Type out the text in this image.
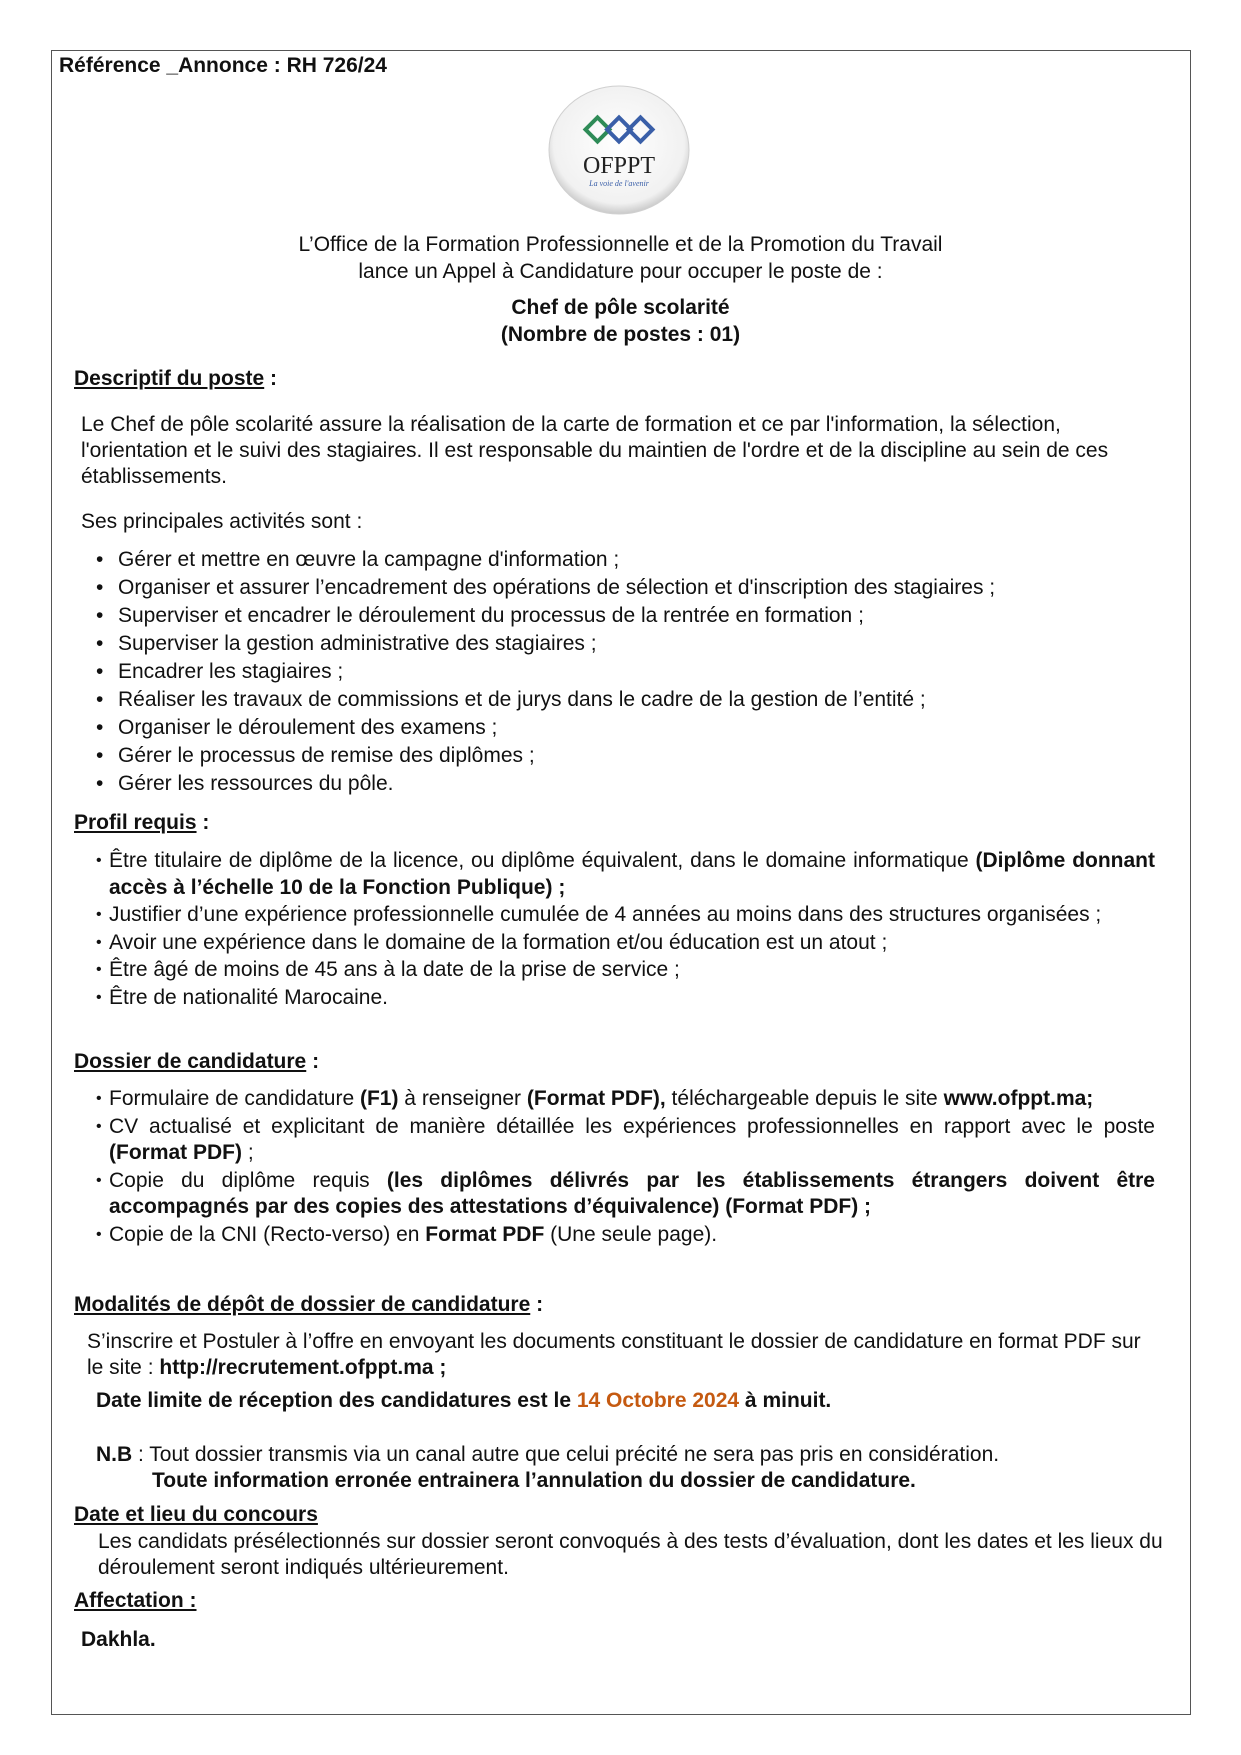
Référence _Annonce : RH 726/24
OFPPT
La voie de l'avenir
L’Office de la Formation Professionnelle et de la Promotion du Travail
lance un Appel à Candidature pour occuper le poste de :
Chef de pôle scolarité
(Nombre de postes : 01)
Descriptif du poste :
Le Chef de pôle scolarité assure la réalisation de la carte de formation et ce par l'information, la sélection, l'orientation et le suivi des stagiaires. Il est responsable du maintien de l'ordre et de la discipline au sein de ces établissements.
Ses principales activités sont :
• Gérer et mettre en œuvre la campagne d'information ;
• Organiser et assurer l’encadrement des opérations de sélection et d'inscription des stagiaires ;
• Superviser et encadrer le déroulement du processus de la rentrée en formation ;
• Superviser la gestion administrative des stagiaires ;
• Encadrer les stagiaires ;
• Réaliser les travaux de commissions et de jurys dans le cadre de la gestion de l’entité ;
• Organiser le déroulement des examens ;
• Gérer le processus de remise des diplômes ;
• Gérer les ressources du pôle.
Profil requis :
• Être titulaire de diplôme de la licence, ou diplôme équivalent, dans le domaine informatique (Diplôme donnant accès à l’échelle 10 de la Fonction Publique) ;
• Justifier d’une expérience professionnelle cumulée de 4 années au moins dans des structures organisées ;
• Avoir une expérience dans le domaine de la formation et/ou éducation est un atout ;
• Être âgé de moins de 45 ans à la date de la prise de service ;
• Être de nationalité Marocaine.
Dossier de candidature :
• Formulaire de candidature (F1) à renseigner (Format PDF), téléchargeable depuis le site www.ofppt.ma;
• CV actualisé et explicitant de manière détaillée les expériences professionnelles en rapport avec le poste (Format PDF) ;
• Copie du diplôme requis (les diplômes délivrés par les établissements étrangers doivent être accompagnés par des copies des attestations d’équivalence) (Format PDF) ;
• Copie de la CNI (Recto-verso) en Format PDF (Une seule page).
Modalités de dépôt de dossier de candidature :
S’inscrire et Postuler à l’offre en envoyant les documents constituant le dossier de candidature en format PDF sur le site : http://recrutement.ofppt.ma ;
Date limite de réception des candidatures est le 14 Octobre 2024 à minuit.
N.B : Tout dossier transmis via un canal autre que celui précité ne sera pas pris en considération.
Toute information erronée entrainera l’annulation du dossier de candidature.
Date et lieu du concours
Les candidats présélectionnés sur dossier seront convoqués à des tests d’évaluation, dont les dates et les lieux du déroulement seront indiqués ultérieurement.
Affectation :
Dakhla.
